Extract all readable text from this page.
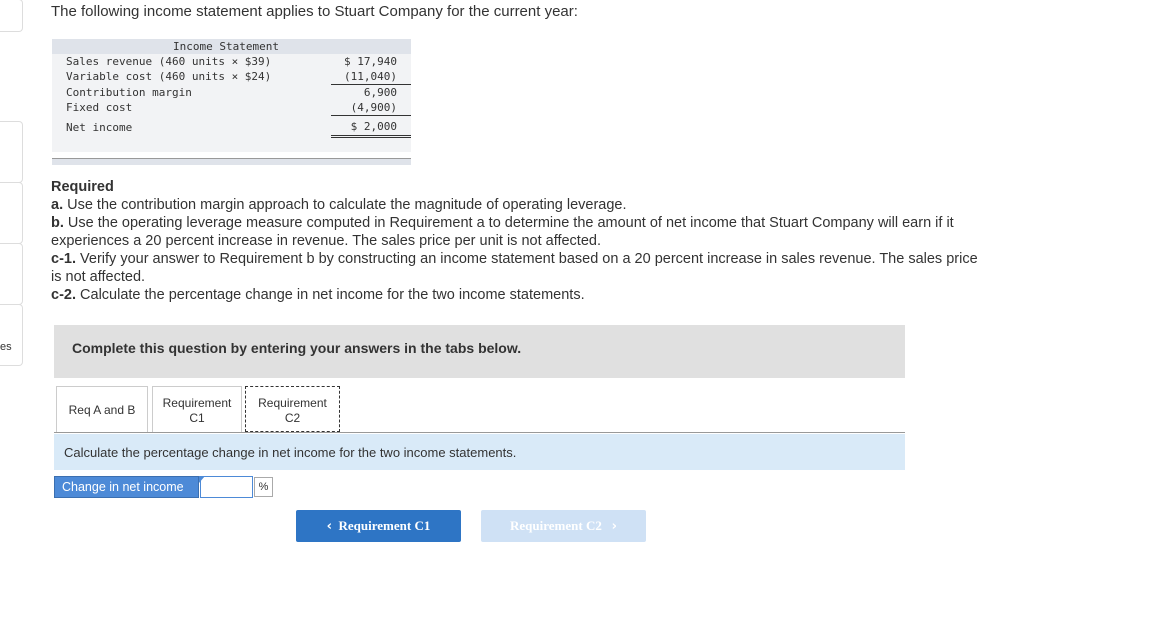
es
The following income statement applies to Stuart Company for the current year:
Income Statement
Sales revenue (460 units × $39)	$ 17,940
Variable cost (460 units × $24)	(11,040)
Contribution margin	6,900
Fixed cost	(4,900)
Net income	$ 2,000
Required
a. Use the contribution margin approach to calculate the magnitude of operating leverage.
b. Use the operating leverage measure computed in Requirement a to determine the amount of net income that Stuart Company will earn if it experiences a 20 percent increase in revenue. The sales price per unit is not affected.
c-1. Verify your answer to Requirement b by constructing an income statement based on a 20 percent increase in sales revenue. The sales price is not affected.
c-2. Calculate the percentage change in net income for the two income statements.
Complete this question by entering your answers in the tabs below.
Req A and B	Requirement
C1
Requirement
C2
Calculate the percentage change in net income for the two income statements.
Change in net income	%
‹ Requirement C1	Requirement C2 ›
